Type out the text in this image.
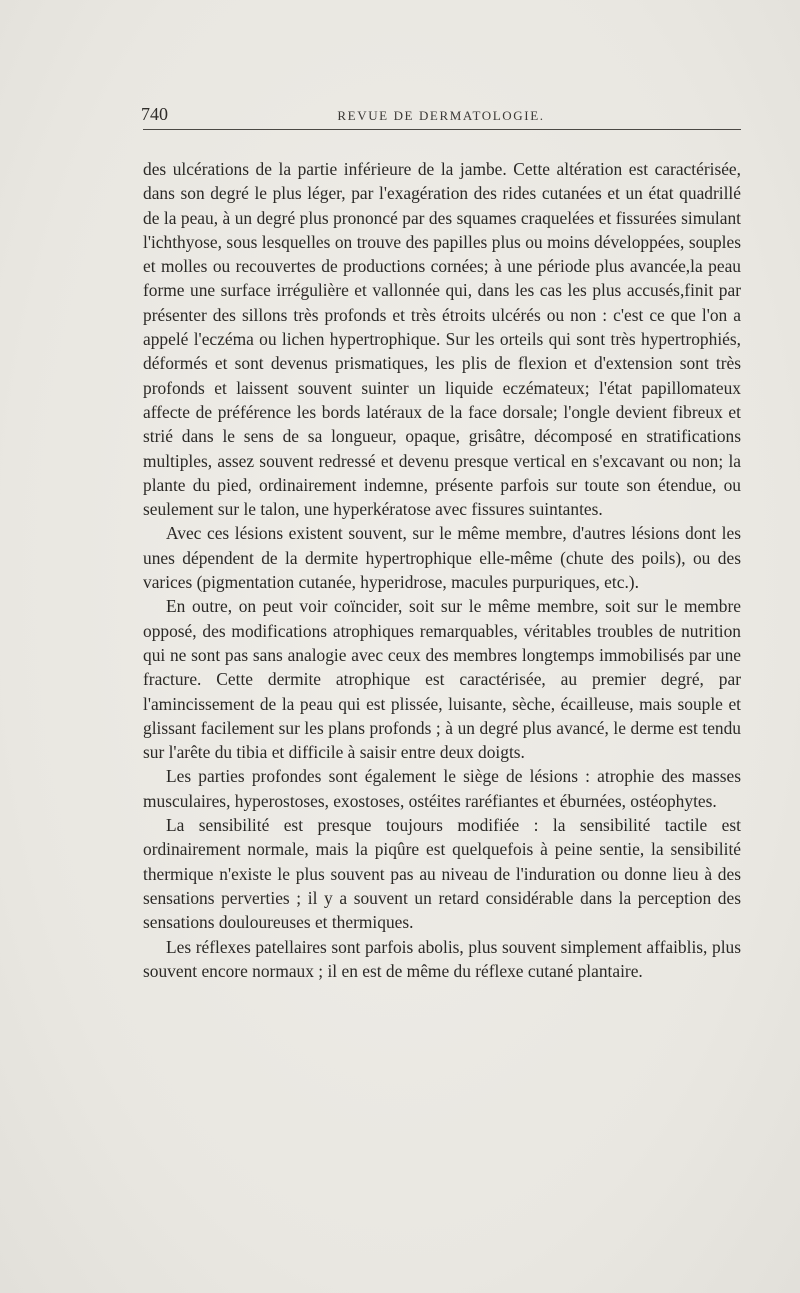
740	REVUE DE DERMATOLOGIE.

des ulcérations de la partie inférieure de la jambe. Cette altération est caractérisée, dans son degré le plus léger, par l'exagération des rides cutanées et un état quadrillé de la peau, à un degré plus prononcé par des squames craquelées et fissurées simulant l'ichthyose, sous lesquelles on trouve des papilles plus ou moins développées, souples et molles ou recouvertes de productions cornées; à une période plus avancée,la peau forme une surface irrégulière et vallonnée qui, dans les cas les plus accusés,finit par présenter des sillons très profonds et très étroits ulcérés ou non : c'est ce que l'on a appelé l'eczéma ou lichen hypertrophique. Sur les orteils qui sont très hypertrophiés, déformés et sont devenus prismatiques, les plis de flexion et d'extension sont très profonds et laissent souvent suinter un liquide eczémateux; l'état papillomateux affecte de préférence les bords latéraux de la face dorsale; l'ongle devient fibreux et strié dans le sens de sa longueur, opaque, grisâtre, décomposé en stratifications multiples, assez souvent redressé et devenu presque vertical en s'excavant ou non; la plante du pied, ordinairement indemne, présente parfois sur toute son étendue, ou seulement sur le talon, une hyperkératose avec fissures suintantes.

Avec ces lésions existent souvent, sur le même membre, d'autres lésions dont les unes dépendent de la dermite hypertrophique elle-même (chute des poils), ou des varices (pigmentation cutanée, hyperidrose, macules purpuriques, etc.).

En outre, on peut voir coïncider, soit sur le même membre, soit sur le membre opposé, des modifications atrophiques remarquables, véritables troubles de nutrition qui ne sont pas sans analogie avec ceux des membres longtemps immobilisés par une fracture. Cette dermite atrophique est caractérisée, au premier degré, par l'amincissement de la peau qui est plissée, luisante, sèche, écailleuse, mais souple et glissant facilement sur les plans profonds ; à un degré plus avancé, le derme est tendu sur l'arête du tibia et difficile à saisir entre deux doigts.

Les parties profondes sont également le siège de lésions : atrophie des masses musculaires, hyperostoses, exostoses, ostéites raréfiantes et éburnées, ostéophytes.

La sensibilité est presque toujours modifiée : la sensibilité tactile est ordinairement normale, mais la piqûre est quelquefois à peine sentie, la sensibilité thermique n'existe le plus souvent pas au niveau de l'induration ou donne lieu à des sensations perverties ; il y a souvent un retard considérable dans la perception des sensations douloureuses et thermiques.

Les réflexes patellaires sont parfois abolis, plus souvent simplement affaiblis, plus souvent encore normaux ; il en est de même du réflexe cutané plantaire.
